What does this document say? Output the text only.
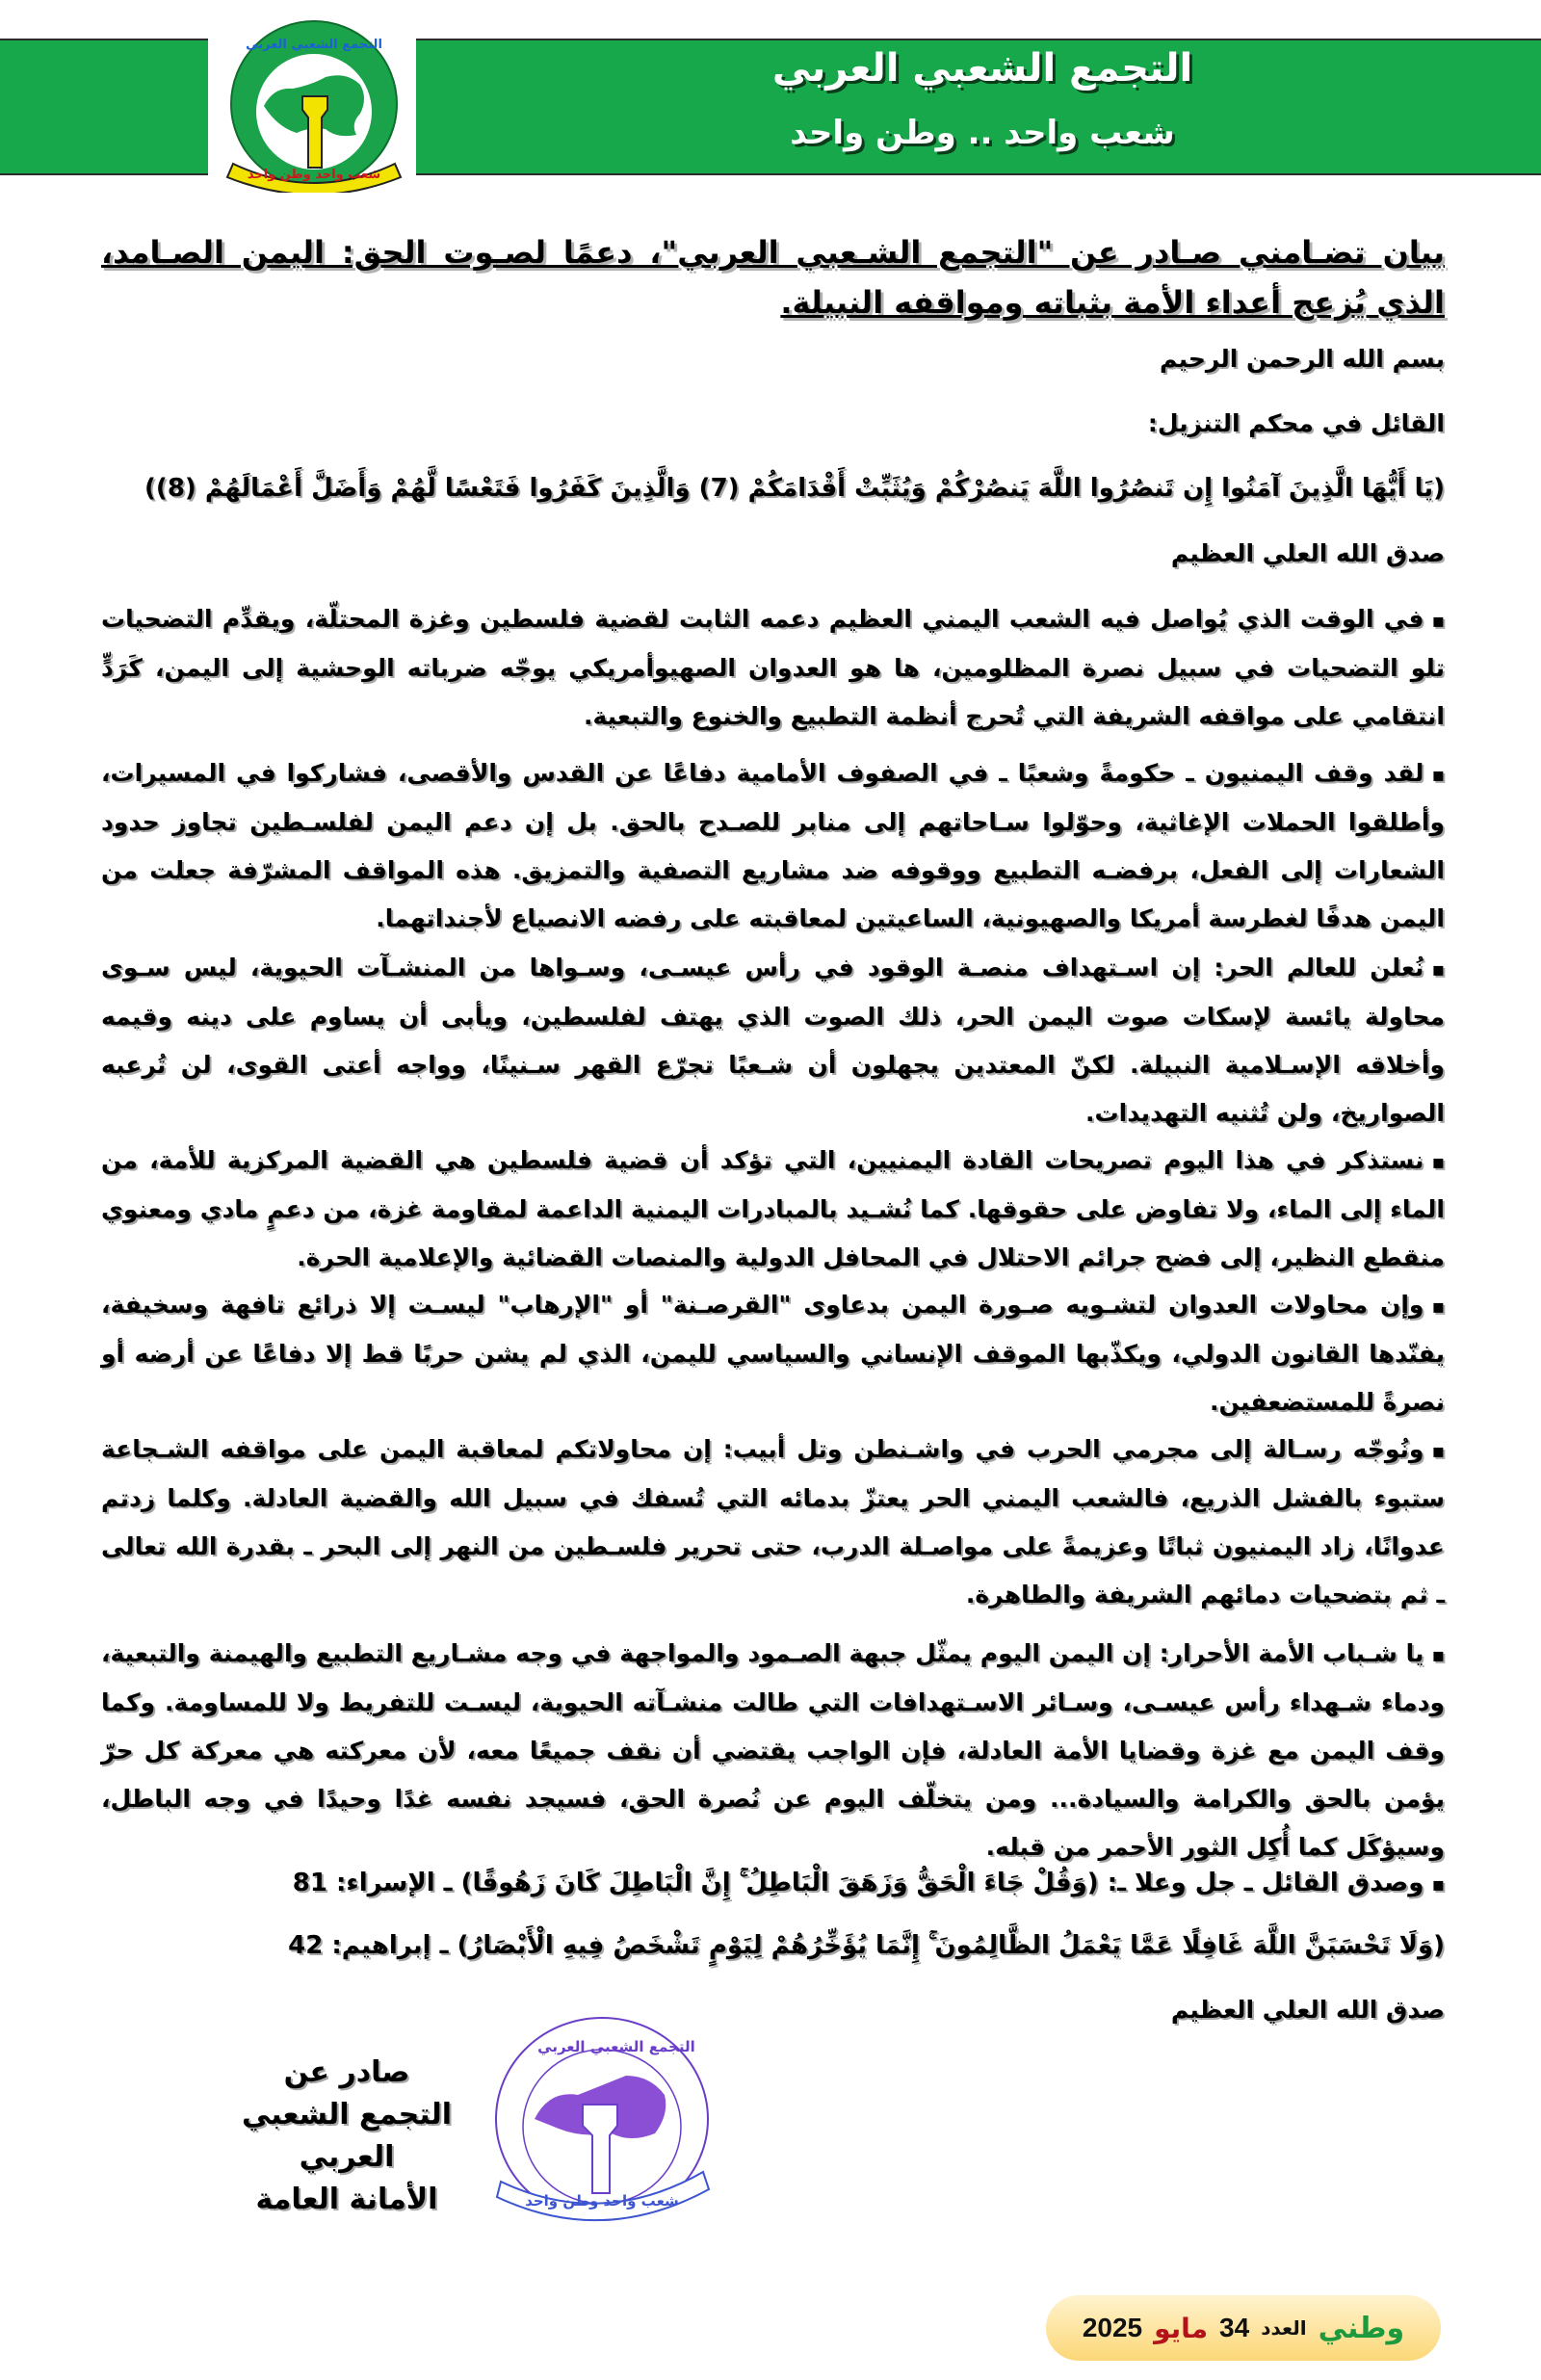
شعب واحد وطن واحد
التجمع الشعبي العربي
التجمع الشعبي العربي
شعب واحد .. وطن واحد
بيان تضـامني صـادر عن "التجمع الشـعبي العربي"، دعمًا لصـوت الحق: اليمن الصـامد، الذي يُزعج أعداء الأمة بثباته ومواقفه النبيلة.
بسم الله الرحمن الرحيم
القائل في محكم التنزيل:
(يَا أَيُّهَا الَّذِينَ آمَنُوا إِن تَنصُرُوا اللَّهَ يَنصُرْكُمْ وَيُثَبِّتْ أَقْدَامَكُمْ (7) وَالَّذِينَ كَفَرُوا فَتَعْسًا لَّهُمْ وَأَضَلَّ أَعْمَالَهُمْ (8))
صدق الله العلي العظيم

▪في الوقت الذي يُواصل فيه الشعب اليمني العظيم دعمه الثابت لقضية فلسطين وغزة المحتلّة، ويقدِّم التضحيات تلو التضحيات في سبيل نصرة المظلومين، ها هو العدوان الصهيوأمريكي يوجّه ضرباته الوحشية إلى اليمن، كَرَدٍّ انتقامي على مواقفه الشريفة التي تُحرج أنظمة التطبيع والخنوع والتبعية.

▪لقد وقف اليمنيون ـ حكومةً وشعبًا ـ في الصفوف الأمامية دفاعًا عن القدس والأقصى، فشاركوا في المسيرات، وأطلقوا الحملات الإغاثية، وحوّلوا سـاحاتهم إلى منابر للصـدح بالحق. بل إن دعم اليمن لفلسـطين تجاوز حدود الشعارات إلى الفعل، برفضـه التطبيع ووقوفه ضد مشاريع التصفية والتمزيق. هذه المواقف المشرّفة جعلت من اليمن هدفًا لغطرسة أمريكا والصهيونية، الساعيتين لمعاقبته على رفضه الانصياع لأجنداتهما.

▪نُعلن للعالم الحر: إن اسـتهداف منصـة الوقود في رأس عيسـى، وسـواها من المنشـآت الحيوية، ليس سـوى محاولة يائسة لإسكات صوت اليمن الحر، ذلك الصوت الذي يهتف لفلسطين، ويأبى أن يساوم على دينه وقيمه وأخلاقه الإسـلامية النبيلة. لكنّ المعتدين يجهلون أن شـعبًا تجرّع القهر سـنينًا، وواجه أعتى القوى، لن تُرعبه الصواريخ، ولن تُثنيه التهديدات.

▪نستذكر في هذا اليوم تصريحات القادة اليمنيين، التي تؤكد أن قضية فلسطين هي القضية المركزية للأمة، من الماء إلى الماء، ولا تفاوض على حقوقها. كما نُشـيد بالمبادرات اليمنية الداعمة لمقاومة غزة، من دعمٍ مادي ومعنوي منقطع النظير، إلى فضح جرائم الاحتلال في المحافل الدولية والمنصات القضائية والإعلامية الحرة.

▪وإن محاولات العدوان لتشـويه صـورة اليمن بدعاوى "القرصـنة" أو "الإرهاب" ليسـت إلا ذرائع تافهة وسخيفة، يفنّدها القانون الدولي، ويكذّبها الموقف الإنساني والسياسي لليمن، الذي لم يشن حربًا قط إلا دفاعًا عن أرضه أو نصرةً للمستضعفين.

▪ونُوجّه رسـالة إلى مجرمي الحرب في واشـنطن وتل أبيب: إن محاولاتكم لمعاقبة اليمن على مواقفه الشـجاعة ستبوء بالفشل الذريع، فالشعب اليمني الحر يعتزّ بدمائه التي تُسفك في سبيل الله والقضية العادلة. وكلما زدتم عدوانًا، زاد اليمنيون ثباتًا وعزيمةً على مواصـلة الدرب، حتى تحرير فلسـطين من النهر إلى البحر ـ بقدرة الله تعالى ـ ثم بتضحيات دمائهم الشريفة والطاهرة.

▪يا شـباب الأمة الأحرار: إن اليمن اليوم يمثّل جبهة الصـمود والمواجهة في وجه مشـاريع التطبيع والهيمنة والتبعية، ودماء شـهداء رأس عيسـى، وسـائر الاسـتهدافات التي طالت منشـآته الحيوية، ليسـت للتفريط ولا للمساومة. وكما وقف اليمن مع غزة وقضايا الأمة العادلة، فإن الواجب يقتضي أن نقف جميعًا معه، لأن معركته هي معركة كل حرّ يؤمن بالحق والكرامة والسيادة... ومن يتخلّف اليوم عن نُصرة الحق، فسيجد نفسه غدًا وحيدًا في وجه الباطل، وسيؤكَل كما أُكِل الثور الأحمر من قبله.

▪وصدق القائل ـ جل وعلا ـ: (وَقُلْ جَاءَ الْحَقُّ وَزَهَقَ الْبَاطِلُ ۚ إِنَّ الْبَاطِلَ كَانَ زَهُوقًا) ـ الإسراء: 81
(وَلَا تَحْسَبَنَّ اللَّهَ غَافِلًا عَمَّا يَعْمَلُ الظَّالِمُونَ ۚ إِنَّمَا يُؤَخِّرُهُمْ لِيَوْمٍ تَشْخَصُ فِيهِ الْأَبْصَارُ) ـ إبراهيم: 42
صدق الله العلي العظيم
صادر عن
التجمع الشعبي العربي
الأمانة العامة	شعب واحد وطن واحد
التجمع الشعبي العربي
وطني
العدد
34
مايو
2025
